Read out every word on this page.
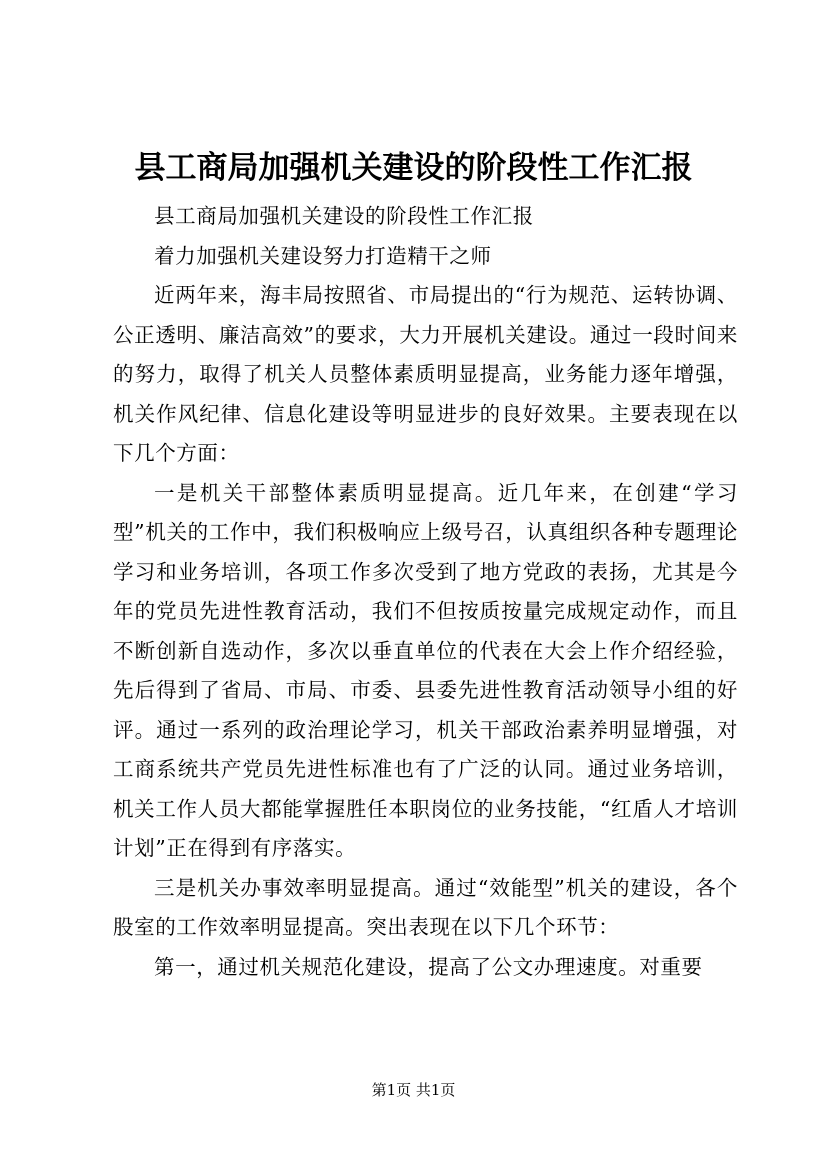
县工商局加强机关建设的阶段性工作汇报

县工商局加强机关建设的阶段性工作汇报

着力加强机关建设努力打造精干之师

近两年来，海丰局按照省、市局提出的“行为规范、运转协调、公正透明、廉洁高效”的要求，大力开展机关建设。通过一段时间来的努力，取得了机关人员整体素质明显提高，业务能力逐年增强，机关作风纪律、信息化建设等明显进步的良好效果。主要表现在以下几个方面：

一是机关干部整体素质明显提高。近几年来，在创建“学习型”机关的工作中，我们积极响应上级号召，认真组织各种专题理论学习和业务培训，各项工作多次受到了地方党政的表扬，尤其是今年的党员先进性教育活动，我们不但按质按量完成规定动作，而且不断创新自选动作，多次以垂直单位的代表在大会上作介绍经验，先后得到了省局、市局、市委、县委先进性教育活动领导小组的好评。通过一系列的政治理论学习，机关干部政治素养明显增强，对工商系统共产党员先进性标准也有了广泛的认同。通过业务培训，机关工作人员大都能掌握胜任本职岗位的业务技能，“红盾人才培训计划”正在得到有序落实。

三是机关办事效率明显提高。通过“效能型”机关的建设，各个股室的工作效率明显提高。突出表现在以下几个环节：

第一，通过机关规范化建设，提高了公文办理速度。对重要

第1页 共1页
